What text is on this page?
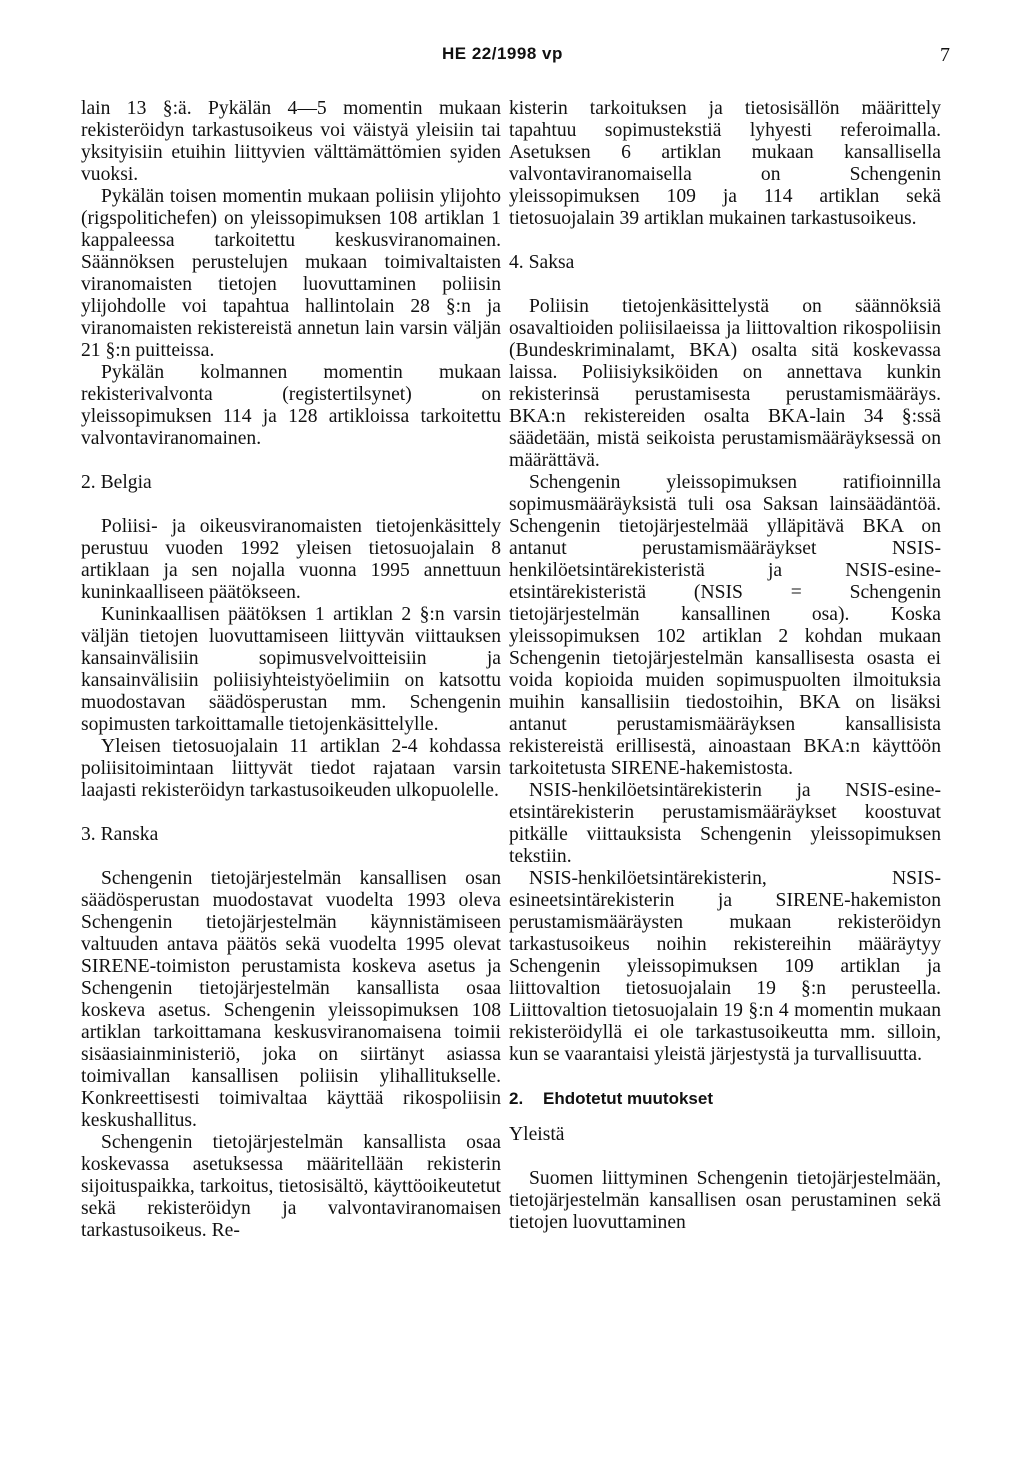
HE 22/1998 vp	7

lain 13 §:ä. Pykälän 4—5 momentin mukaan rekisteröidyn tarkastusoikeus voi väistyä yleisiin tai yksityisiin etuihin liittyvien välttämättömien syiden vuoksi.

Pykälän toisen momentin mukaan poliisin ylijohto (rigspolitichefen) on yleissopimuksen 108 artiklan 1 kappaleessa tarkoitettu keskusviranomainen. Säännöksen perustelujen mukaan toimivaltaisten viranomaisten tietojen luovuttaminen poliisin ylijohdolle voi tapahtua hallintolain 28 §:n ja viranomaisten rekistereistä annetun lain varsin väljän 21 §:n puitteissa.

Pykälän kolmannen momentin mukaan rekisterivalvonta (registertilsynet) on yleissopimuksen 114 ja 128 artikloissa tarkoitettu valvontaviranomainen.

2. Belgia

Poliisi- ja oikeusviranomaisten tietojenkäsittely perustuu vuoden 1992 yleisen tietosuojalain 8 artiklaan ja sen nojalla vuonna 1995 annettuun kuninkaalliseen päätökseen.

Kuninkaallisen päätöksen 1 artiklan 2 §:n varsin väljän tietojen luovuttamiseen liittyvän viittauksen kansainvälisiin sopimusvelvoitteisiin ja kansainvälisiin poliisiyhteistyöelimiin on katsottu muodostavan säädösperustan mm. Schengenin sopimusten tarkoittamalle tietojenkäsittelylle.

Yleisen tietosuojalain 11 artiklan 2-4 kohdassa poliisitoimintaan liittyvät tiedot rajataan varsin laajasti rekisteröidyn tarkastusoikeuden ulkopuolelle.

3. Ranska

Schengenin tietojärjestelmän kansallisen osan säädösperustan muodostavat vuodelta 1993 oleva Schengenin tietojärjestelmän käynnistämiseen valtuuden antava päätös sekä vuodelta 1995 olevat SIRENE-toimiston perustamista koskeva asetus ja Schengenin tietojärjestelmän kansallista osaa koskeva asetus. Schengenin yleissopimuksen 108 artiklan tarkoittamana keskusviranomaisena toimii sisäasiainministeriö, joka on siirtänyt asiassa toimivallan kansallisen poliisin ylihallitukselle. Konkreettisesti toimivaltaa käyttää rikospoliisin keskushallitus.

Schengenin tietojärjestelmän kansallista osaa koskevassa asetuksessa määritellään rekisterin sijoituspaikka, tarkoitus, tietosisältö, käyttöoikeutetut sekä rekisteröidyn ja valvontaviranomaisen tarkastusoikeus. Re-

kisterin tarkoituksen ja tietosisällön määrittely tapahtuu sopimustekstiä lyhyesti referoimalla. Asetuksen 6 artiklan mukaan kansallisella valvontaviranomaisella on Schengenin yleissopimuksen 109 ja 114 artiklan sekä tietosuojalain 39 artiklan mukainen tarkastusoikeus.

4. Saksa

Poliisin tietojenkäsittelystä on säännöksiä osavaltioiden poliisilaeissa ja liittovaltion rikospoliisin (Bundeskriminalamt, BKA) osalta sitä koskevassa laissa. Poliisiyksiköiden on annettava kunkin rekisterinsä perustamisesta perustamismääräys. BKA:n rekistereiden osalta BKA-lain 34 §:ssä säädetään, mistä seikoista perustamismääräyksessä on määrättävä.

Schengenin yleissopimuksen ratifioinnilla sopimusmääräyksistä tuli osa Saksan lainsäädäntöä. Schengenin tietojärjestelmää ylläpitävä BKA on antanut perustamismääräykset NSIS-henkilöetsintärekisteristä ja NSIS-esine-etsintärekisteristä (NSIS = Schengenin tietojärjestelmän kansallinen osa). Koska yleissopimuksen 102 artiklan 2 kohdan mukaan Schengenin tietojärjestelmän kansallisesta osasta ei voida kopioida muiden sopimuspuolten ilmoituksia muihin kansallisiin tiedostoihin, BKA on lisäksi antanut perustamismääräyksen kansallisista rekistereistä erillisestä, ainoastaan BKA:n käyttöön tarkoitetusta SIRENE-hakemistosta.

NSIS-henkilöetsintärekisterin ja NSIS-esine-etsintärekisterin perustamismääräykset koostuvat pitkälle viittauksista Schengenin yleissopimuksen tekstiin.

NSIS-henkilöetsintärekisterin, NSIS-esineetsintärekisterin ja SIRENE-hakemiston perustamismääräysten mukaan rekisteröidyn tarkastusoikeus noihin rekistereihin määräytyy Schengenin yleissopimuksen 109 artiklan ja liittovaltion tietosuojalain 19 §:n perusteella. Liittovaltion tietosuojalain 19 §:n 4 momentin mukaan rekisteröidyllä ei ole tarkastusoikeutta mm. silloin, kun se vaarantaisi yleistä järjestystä ja turvallisuutta.

2. Ehdotetut muutokset
Yleistä

Suomen liittyminen Schengenin tietojärjestelmään, tietojärjestelmän kansallisen osan perustaminen sekä tietojen luovuttaminen
